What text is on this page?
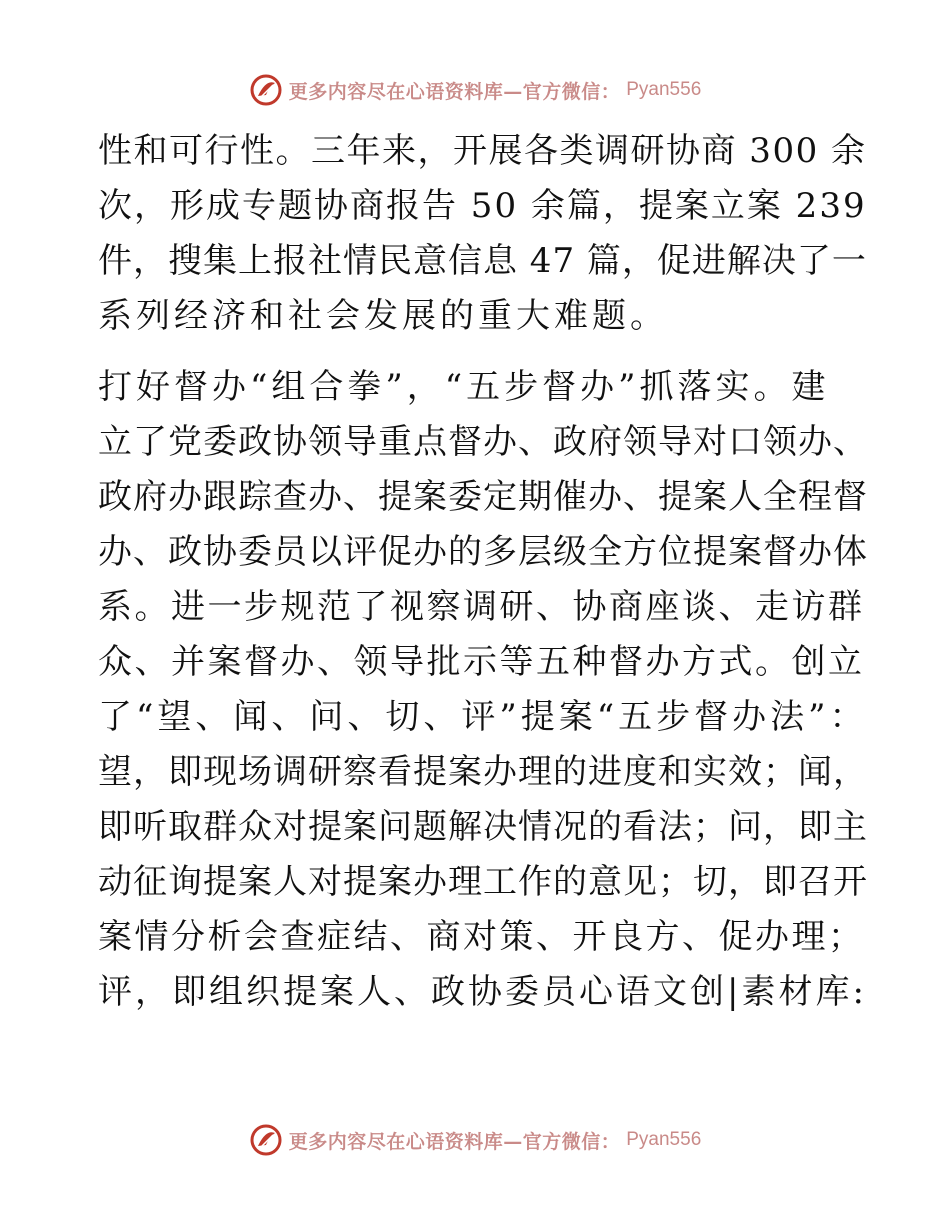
更多内容尽在心语资料库—官方微信： Pyan556
性和可行性。三年来，开展各类调研协商 300 余
次，形成专题协商报告 50 余篇，提案立案 239
件，搜集上报社情民意信息 47 篇，促进解决了一
系列经济和社会发展的重大难题。
打好督办“组合拳”，“五步督办”抓落实。建
立了党委政协领导重点督办、政府领导对口领办、
政府办跟踪查办、提案委定期催办、提案人全程督
办、政协委员以评促办的多层级全方位提案督办体
系。进一步规范了视察调研、协商座谈、走访群
众、并案督办、领导批示等五种督办方式。创立
了“望、闻、问、切、评”提案“五步督办法”：
望，即现场调研察看提案办理的进度和实效；闻，
即听取群众对提案问题解决情况的看法；问，即主
动征询提案人对提案办理工作的意见；切，即召开
案情分析会查症结、商对策、开良方、促办理；
评，即组织提案人、政协委员心语文创|素材库:
更多内容尽在心语资料库—官方微信： Pyan556
